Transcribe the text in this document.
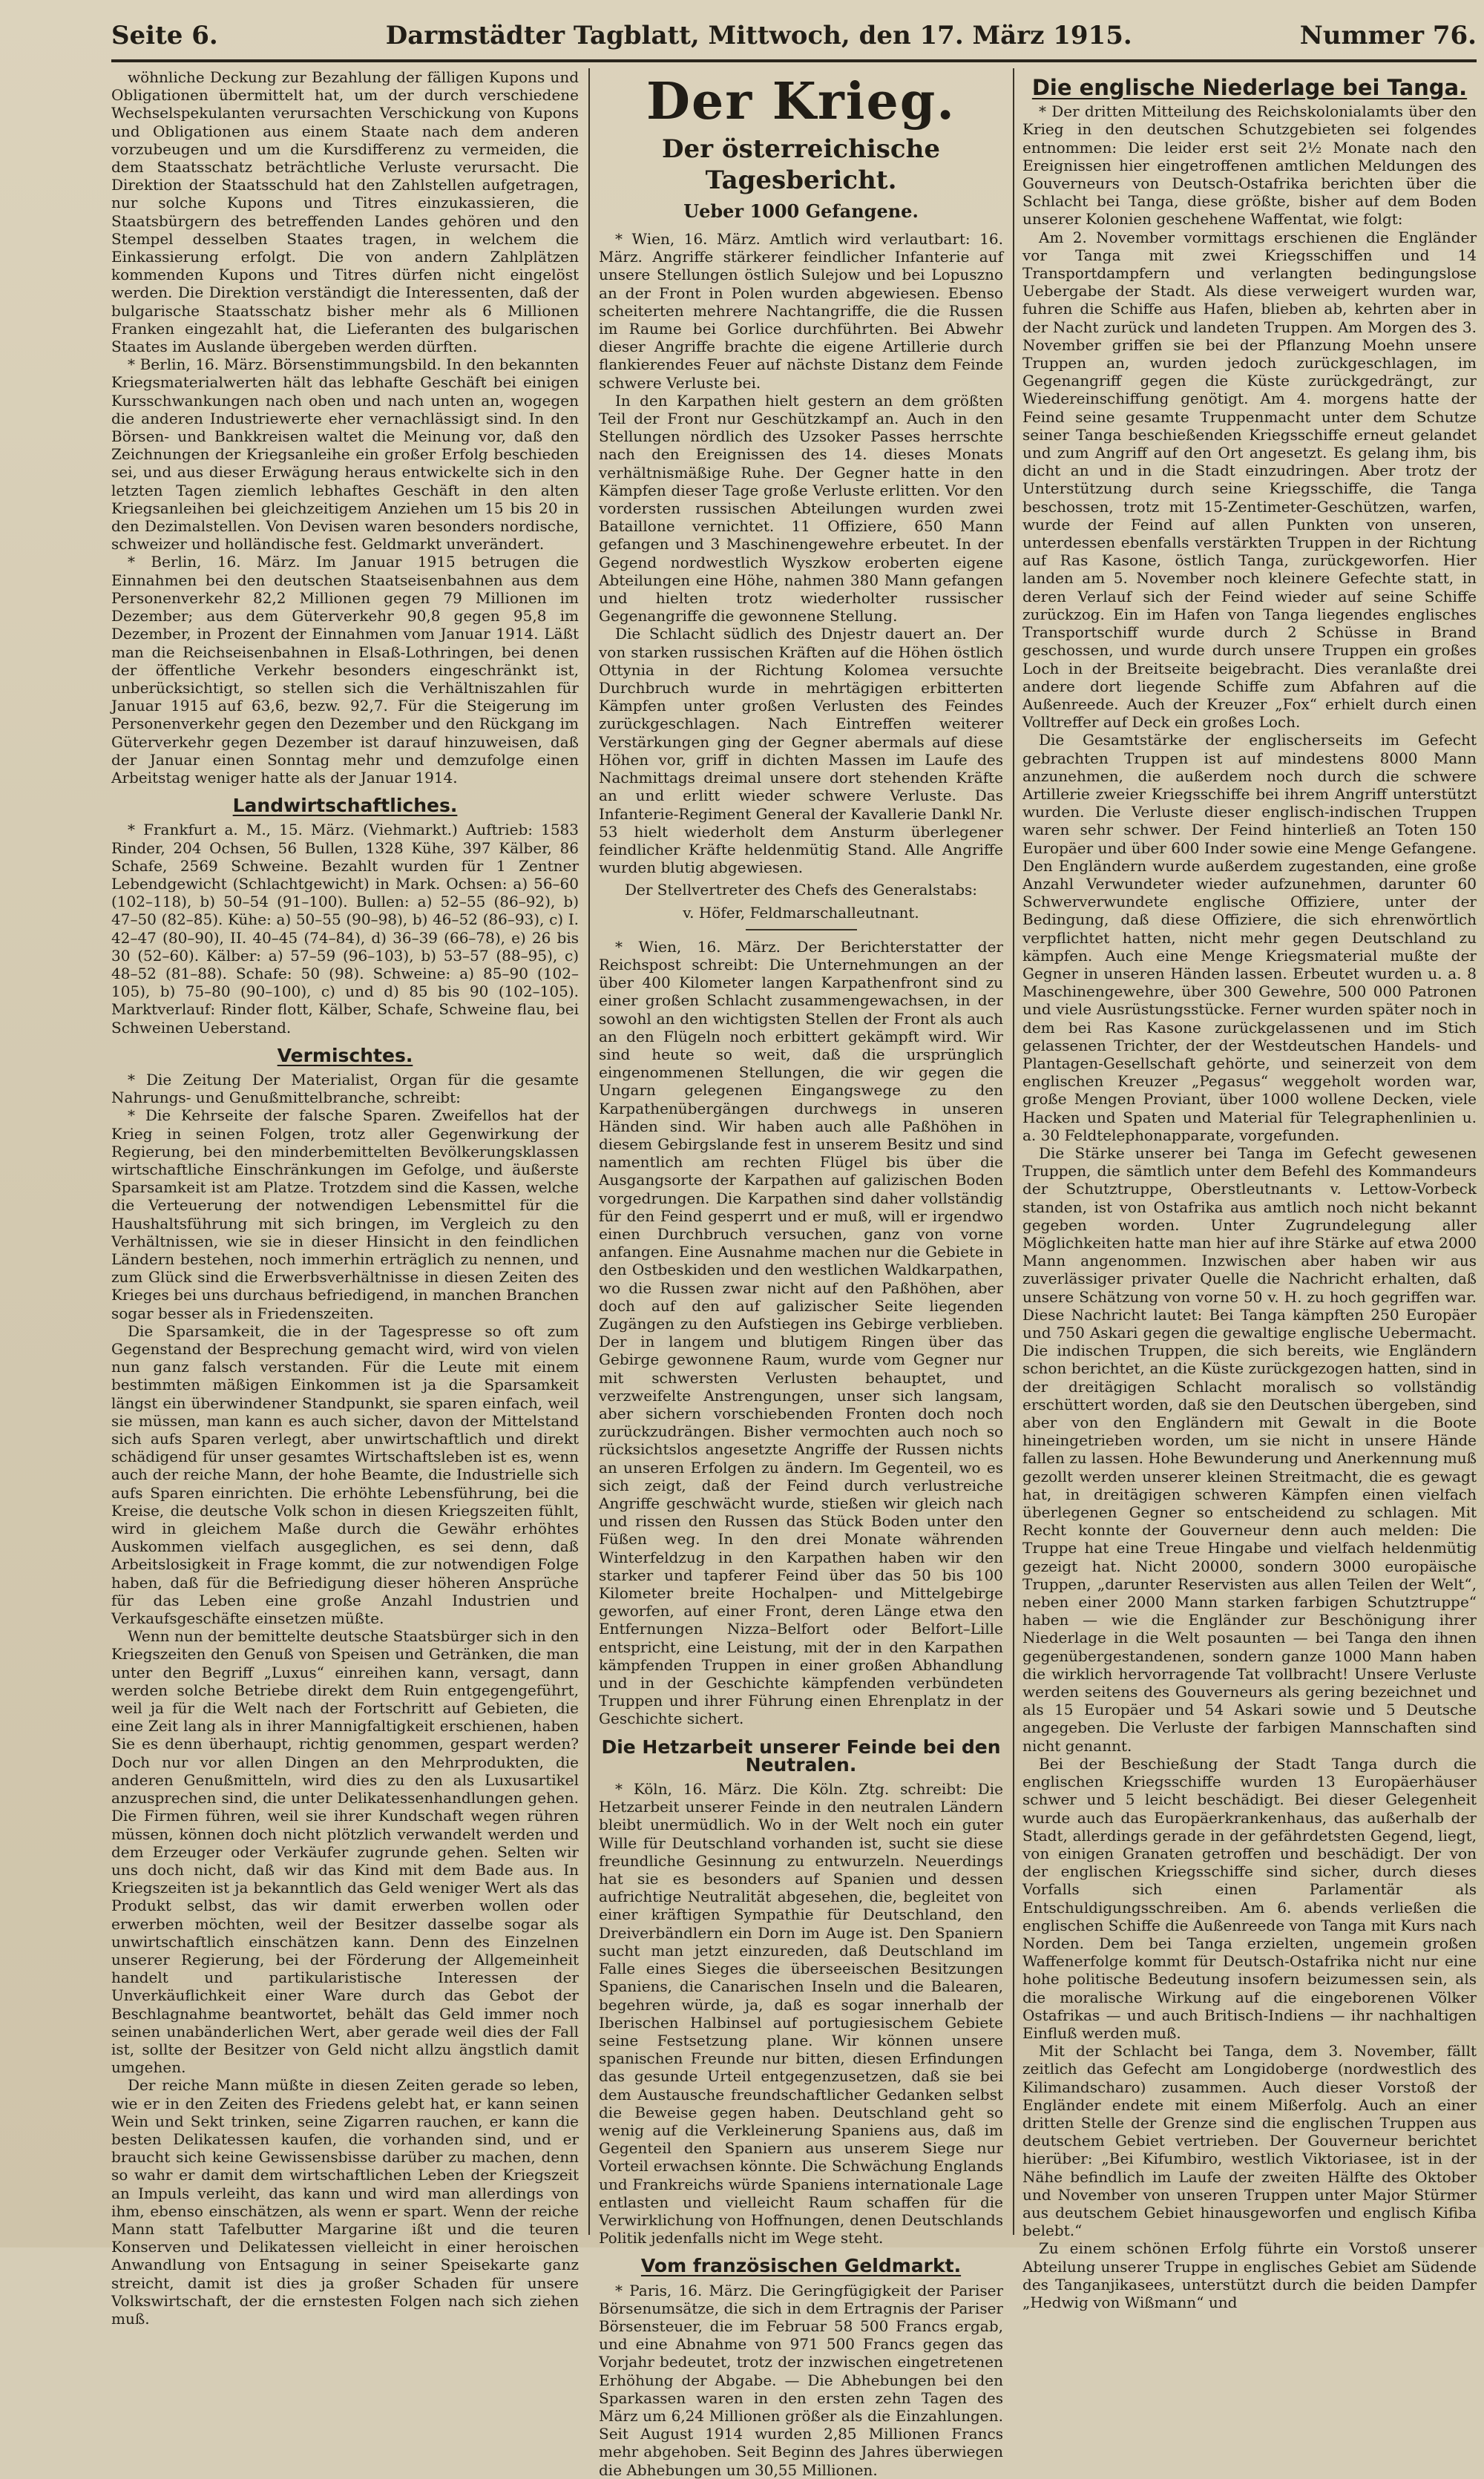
Seite 6.	Darmstädter Tagblatt, Mittwoch, den 17. März 1915.	Nummer 76.

wöhnliche Deckung zur Bezahlung der fälligen Kupons und Obligationen übermittelt hat, um der durch verschiedene Wechselspekulanten verursachten Verschickung von Kupons und Obligationen aus einem Staate nach dem anderen vorzubeugen und um die Kursdifferenz zu vermeiden, die dem Staatsschatz beträchtliche Verluste verursacht. Die Direktion der Staatsschuld hat den Zahlstellen aufgetragen, nur solche Kupons und Titres einzukassieren, die Staatsbürgern des betreffenden Landes gehören und den Stempel desselben Staates tragen, in welchem die Einkassierung erfolgt. Die von andern Zahlplätzen kommenden Kupons und Titres dürfen nicht eingelöst werden. Die Direktion verständigt die Interessenten, daß der bulgarische Staatsschatz bisher mehr als 6 Millionen Franken eingezahlt hat, die Lieferanten des bulgarischen Staates im Auslande übergeben werden dürften.

* Berlin, 16. März. Börsenstimmungsbild. In den bekannten Kriegsmaterialwerten hält das lebhafte Geschäft bei einigen Kursschwankungen nach oben und nach unten an, wogegen die anderen Industriewerte eher vernachlässigt sind. In den Börsen- und Bankkreisen waltet die Meinung vor, daß den Zeichnungen der Kriegsanleihe ein großer Erfolg beschieden sei, und aus dieser Erwägung heraus entwickelte sich in den letzten Tagen ziemlich lebhaftes Geschäft in den alten Kriegsanleihen bei gleichzeitigem Anziehen um 15 bis 20 in den Dezimalstellen. Von Devisen waren besonders nordische, schweizer und holländische fest. Geldmarkt unverändert.

* Berlin, 16. März. Im Januar 1915 betrugen die Einnahmen bei den deutschen Staatseisenbahnen aus dem Personenverkehr 82,2 Millionen gegen 79 Millionen im Dezember; aus dem Güterverkehr 90,8 gegen 95,8 im Dezember, in Prozent der Einnahmen vom Januar 1914. Läßt man die Reichseisenbahnen in Elsaß-Lothringen, bei denen der öffentliche Verkehr besonders eingeschränkt ist, unberücksichtigt, so stellen sich die Verhältniszahlen für Januar 1915 auf 63,6, bezw. 92,7. Für die Steigerung im Personenverkehr gegen den Dezember und den Rückgang im Güterverkehr gegen Dezember ist darauf hinzuweisen, daß der Januar einen Sonntag mehr und demzufolge einen Arbeitstag weniger hatte als der Januar 1914.

Landwirtschaftliches.

* Frankfurt a. M., 15. März. (Viehmarkt.) Auftrieb: 1583 Rinder, 204 Ochsen, 56 Bullen, 1328 Kühe, 397 Kälber, 86 Schafe, 2569 Schweine. Bezahlt wurden für 1 Zentner Lebendgewicht (Schlachtgewicht) in Mark. Ochsen: a) 56–60 (102–118), b) 50–54 (91–100). Bullen: a) 52–55 (86–92), b) 47–50 (82–85). Kühe: a) 50–55 (90–98), b) 46–52 (86–93), c) I. 42–47 (80–90), II. 40–45 (74–84), d) 36–39 (66–78), e) 26 bis 30 (52–60). Kälber: a) 57–59 (96–103), b) 53–57 (88–95), c) 48–52 (81–88). Schafe: 50 (98). Schweine: a) 85–90 (102–105), b) 75–80 (90–100), c) und d) 85 bis 90 (102–105). Marktverlauf: Rinder flott, Kälber, Schafe, Schweine flau, bei Schweinen Ueberstand.

Vermischtes.

* Die Zeitung Der Materialist, Organ für die gesamte Nahrungs- und Genußmittelbranche, schreibt:

* Die Kehrseite der falsche Sparen. Zweifellos hat der Krieg in seinen Folgen, trotz aller Gegenwirkung der Regierung, bei den minderbemittelten Bevölkerungsklassen wirtschaftliche Einschränkungen im Gefolge, und äußerste Sparsamkeit ist am Platze. Trotzdem sind die Kassen, welche die Verteuerung der notwendigen Lebensmittel für die Haushaltsführung mit sich bringen, im Vergleich zu den Verhältnissen, wie sie in dieser Hinsicht in den feindlichen Ländern bestehen, noch immerhin erträglich zu nennen, und zum Glück sind die Erwerbsverhältnisse in diesen Zeiten des Krieges bei uns durchaus befriedigend, in manchen Branchen sogar besser als in Friedenszeiten.

Die Sparsamkeit, die in der Tagespresse so oft zum Gegenstand der Besprechung gemacht wird, wird von vielen nun ganz falsch verstanden. Für die Leute mit einem bestimmten mäßigen Einkommen ist ja die Sparsamkeit längst ein überwindener Standpunkt, sie sparen einfach, weil sie müssen, man kann es auch sicher, davon der Mittelstand sich aufs Sparen verlegt, aber unwirtschaftlich und direkt schädigend für unser gesamtes Wirtschaftsleben ist es, wenn auch der reiche Mann, der hohe Beamte, die Industrielle sich aufs Sparen einrichten. Die erhöhte Lebensführung, bei die Kreise, die deutsche Volk schon in diesen Kriegszeiten fühlt, wird in gleichem Maße durch die Gewähr erhöhtes Auskommen vielfach ausgeglichen, es sei denn, daß Arbeitslosigkeit in Frage kommt, die zur notwendigen Folge haben, daß für die Befriedigung dieser höheren Ansprüche für das Leben eine große Anzahl Industrien und Verkaufsgeschäfte einsetzen müßte.

Wenn nun der bemittelte deutsche Staatsbürger sich in den Kriegszeiten den Genuß von Speisen und Getränken, die man unter den Begriff „Luxus“ einreihen kann, versagt, dann werden solche Betriebe direkt dem Ruin entgegengeführt, weil ja für die Welt nach der Fortschritt auf Gebieten, die eine Zeit lang als in ihrer Mannigfaltigkeit erschienen, haben Sie es denn überhaupt, richtig genommen, gespart werden? Doch nur vor allen Dingen an den Mehrprodukten, die anderen Genußmitteln, wird dies zu den als Luxusartikel anzusprechen sind, die unter Delikatessenhandlungen gehen. Die Firmen führen, weil sie ihrer Kundschaft wegen rühren müssen, können doch nicht plötzlich verwandelt werden und dem Erzeuger oder Verkäufer zugrunde gehen. Selten wir uns doch nicht, daß wir das Kind mit dem Bade aus. In Kriegszeiten ist ja bekanntlich das Geld weniger Wert als das Produkt selbst, das wir damit erwerben wollen oder erwerben möchten, weil der Besitzer dasselbe sogar als unwirtschaftlich einschätzen kann. Denn des Einzelnen unserer Regierung, bei der Förderung der Allgemeinheit handelt und partikularistische Interessen der Unverkäuflichkeit einer Ware durch das Gebot der Beschlagnahme beantwortet, behält das Geld immer noch seinen unabänderlichen Wert, aber gerade weil dies der Fall ist, sollte der Besitzer von Geld nicht allzu ängstlich damit umgehen.

Der reiche Mann müßte in diesen Zeiten gerade so leben, wie er in den Zeiten des Friedens gelebt hat, er kann seinen Wein und Sekt trinken, seine Zigarren rauchen, er kann die besten Delikatessen kaufen, die vorhanden sind, und er braucht sich keine Gewissensbisse darüber zu machen, denn so wahr er damit dem wirtschaftlichen Leben der Kriegszeit an Impuls verleiht, das kann und wird man allerdings von ihm, ebenso einschätzen, als wenn er spart. Wenn der reiche Mann statt Tafelbutter Margarine ißt und die teuren Konserven und Delikatessen vielleicht in einer heroischen Anwandlung von Entsagung in seiner Speisekarte ganz streicht, damit ist dies ja großer Schaden für unsere Volkswirtschaft, der die ernstesten Folgen nach sich ziehen muß.

Der Krieg.
Der österreichische Tagesbericht.
Ueber 1000 Gefangene.

* Wien, 16. März. Amtlich wird verlautbart: 16. März. Angriffe stärkerer feindlicher Infanterie auf unsere Stellungen östlich Sulejow und bei Lopuszno an der Front in Polen wurden abgewiesen. Ebenso scheiterten mehrere Nachtangriffe, die die Russen im Raume bei Gorlice durchführten. Bei Abwehr dieser Angriffe brachte die eigene Artillerie durch flankierendes Feuer auf nächste Distanz dem Feinde schwere Verluste bei.

In den Karpathen hielt gestern an dem größten Teil der Front nur Geschützkampf an. Auch in den Stellungen nördlich des Uzsoker Passes herrschte nach den Ereignissen des 14. dieses Monats verhältnismäßige Ruhe. Der Gegner hatte in den Kämpfen dieser Tage große Verluste erlitten. Vor den vordersten russischen Abteilungen wurden zwei Bataillone vernichtet. 11 Offiziere, 650 Mann gefangen und 3 Maschinengewehre erbeutet. In der Gegend nordwestlich Wyszkow eroberten eigene Abteilungen eine Höhe, nahmen 380 Mann gefangen und hielten trotz wiederholter russischer Gegenangriffe die gewonnene Stellung.

Die Schlacht südlich des Dnjestr dauert an. Der von starken russischen Kräften auf die Höhen östlich Ottynia in der Richtung Kolomea versuchte Durchbruch wurde in mehrtägigen erbitterten Kämpfen unter großen Verlusten des Feindes zurückgeschlagen. Nach Eintreffen weiterer Verstärkungen ging der Gegner abermals auf diese Höhen vor, griff in dichten Massen im Laufe des Nachmittags dreimal unsere dort stehenden Kräfte an und erlitt wieder schwere Verluste. Das Infanterie-Regiment General der Kavallerie Dankl Nr. 53 hielt wiederholt dem Ansturm überlegener feindlicher Kräfte heldenmütig Stand. Alle Angriffe wurden blutig abgewiesen.

Der Stellvertreter des Chefs des Generalstabs:

v. Höfer, Feldmarschalleutnant.

* Wien, 16. März. Der Berichterstatter der Reichspost schreibt: Die Unternehmungen an der über 400 Kilometer langen Karpathenfront sind zu einer großen Schlacht zusammengewachsen, in der sowohl an den wichtigsten Stellen der Front als auch an den Flügeln noch erbittert gekämpft wird. Wir sind heute so weit, daß die ursprünglich eingenommenen Stellungen, die wir gegen die Ungarn gelegenen Eingangswege zu den Karpathenübergängen durchwegs in unseren Händen sind. Wir haben auch alle Paßhöhen in diesem Gebirgslande fest in unserem Besitz und sind namentlich am rechten Flügel bis über die Ausgangsorte der Karpathen auf galizischen Boden vorgedrungen. Die Karpathen sind daher vollständig für den Feind gesperrt und er muß, will er irgendwo einen Durchbruch versuchen, ganz von vorne anfangen. Eine Ausnahme machen nur die Gebiete in den Ostbeskiden und den westlichen Waldkarpathen, wo die Russen zwar nicht auf den Paßhöhen, aber doch auf den auf galizischer Seite liegenden Zugängen zu den Aufstiegen ins Gebirge verblieben. Der in langem und blutigem Ringen über das Gebirge gewonnene Raum, wurde vom Gegner nur mit schwersten Verlusten behauptet, und verzweifelte Anstrengungen, unser sich langsam, aber sichern vorschiebenden Fronten doch noch zurückzudrängen. Bisher vermochten auch noch so rücksichtslos angesetzte Angriffe der Russen nichts an unseren Erfolgen zu ändern. Im Gegenteil, wo es sich zeigt, daß der Feind durch verlustreiche Angriffe geschwächt wurde, stießen wir gleich nach und rissen den Russen das Stück Boden unter den Füßen weg. In den drei Monate währenden Winterfeldzug in den Karpathen haben wir den starker und tapferer Feind über das 50 bis 100 Kilometer breite Hochalpen- und Mittelgebirge geworfen, auf einer Front, deren Länge etwa den Entfernungen Nizza–Belfort oder Belfort–Lille entspricht, eine Leistung, mit der in den Karpathen kämpfenden Truppen in einer großen Abhandlung und in der Geschichte kämpfenden verbündeten Truppen und ihrer Führung einen Ehrenplatz in der Geschichte sichert.

Die Hetzarbeit unserer Feinde bei den Neutralen.

* Köln, 16. März. Die Köln. Ztg. schreibt: Die Hetzarbeit unserer Feinde in den neutralen Ländern bleibt unermüdlich. Wo in der Welt noch ein guter Wille für Deutschland vorhanden ist, sucht sie diese freundliche Gesinnung zu entwurzeln. Neuerdings hat sie es besonders auf Spanien und dessen aufrichtige Neutralität abgesehen, die, begleitet von einer kräftigen Sympathie für Deutschland, den Dreiverbändlern ein Dorn im Auge ist. Den Spaniern sucht man jetzt einzureden, daß Deutschland im Falle eines Sieges die überseeischen Besitzungen Spaniens, die Canarischen Inseln und die Balearen, begehren würde, ja, daß es sogar innerhalb der Iberischen Halbinsel auf portugiesischem Gebiete seine Festsetzung plane. Wir können unsere spanischen Freunde nur bitten, diesen Erfindungen das gesunde Urteil entgegenzusetzen, daß sie bei dem Austausche freundschaftlicher Gedanken selbst die Beweise gegen haben. Deutschland geht so wenig auf die Verkleinerung Spaniens aus, daß im Gegenteil den Spaniern aus unserem Siege nur Vorteil erwachsen könnte. Die Schwächung Englands und Frankreichs würde Spaniens internationale Lage entlasten und vielleicht Raum schaffen für die Verwirklichung von Hoffnungen, denen Deutschlands Politik jedenfalls nicht im Wege steht.

Vom französischen Geldmarkt.

* Paris, 16. März. Die Geringfügigkeit der Pariser Börsenumsätze, die sich in dem Ertragnis der Pariser Börsensteuer, die im Februar 58 500 Francs ergab, und eine Abnahme von 971 500 Francs gegen das Vorjahr bedeutet, trotz der inzwischen eingetretenen Erhöhung der Abgabe. — Die Abhebungen bei den Sparkassen waren in den ersten zehn Tagen des März um 6,24 Millionen größer als die Einzahlungen. Seit August 1914 wurden 2,85 Millionen Francs mehr abgehoben. Seit Beginn des Jahres überwiegen die Abhebungen um 30,55 Millionen.

Die englische Niederlage bei Tanga.

* Der dritten Mitteilung des Reichskolonialamts über den Krieg in den deutschen Schutzgebieten sei folgendes entnommen: Die leider erst seit 2½ Monate nach den Ereignissen hier eingetroffenen amtlichen Meldungen des Gouverneurs von Deutsch-Ostafrika berichten über die Schlacht bei Tanga, diese größte, bisher auf dem Boden unserer Kolonien geschehene Waffentat, wie folgt:

Am 2. November vormittags erschienen die Engländer vor Tanga mit zwei Kriegsschiffen und 14 Transportdampfern und verlangten bedingungslose Uebergabe der Stadt. Als diese verweigert wurden war, fuhren die Schiffe aus Hafen, blieben ab, kehrten aber in der Nacht zurück und landeten Truppen. Am Morgen des 3. November griffen sie bei der Pflanzung Moehn unsere Truppen an, wurden jedoch zurückgeschlagen, im Gegenangriff gegen die Küste zurückgedrängt, zur Wiedereinschiffung genötigt. Am 4. morgens hatte der Feind seine gesamte Truppenmacht unter dem Schutze seiner Tanga beschießenden Kriegsschiffe erneut gelandet und zum Angriff auf den Ort angesetzt. Es gelang ihm, bis dicht an und in die Stadt einzudringen. Aber trotz der Unterstützung durch seine Kriegsschiffe, die Tanga beschossen, trotz mit 15-Zentimeter-Geschützen, warfen, wurde der Feind auf allen Punkten von unseren, unterdessen ebenfalls verstärkten Truppen in der Richtung auf Ras Kasone, östlich Tanga, zurückgeworfen. Hier landen am 5. November noch kleinere Gefechte statt, in deren Verlauf sich der Feind wieder auf seine Schiffe zurückzog. Ein im Hafen von Tanga liegendes englisches Transportschiff wurde durch 2 Schüsse in Brand geschossen, und wurde durch unsere Truppen ein großes Loch in der Breitseite beigebracht. Dies veranlaßte drei andere dort liegende Schiffe zum Abfahren auf die Außenreede. Auch der Kreuzer „Fox“ erhielt durch einen Volltreffer auf Deck ein großes Loch.

Die Gesamtstärke der englischerseits im Gefecht gebrachten Truppen ist auf mindestens 8000 Mann anzunehmen, die außerdem noch durch die schwere Artillerie zweier Kriegsschiffe bei ihrem Angriff unterstützt wurden. Die Verluste dieser englisch-indischen Truppen waren sehr schwer. Der Feind hinterließ an Toten 150 Europäer und über 600 Inder sowie eine Menge Gefangene. Den Engländern wurde außerdem zugestanden, eine große Anzahl Verwundeter wieder aufzunehmen, darunter 60 Schwerverwundete englische Offiziere, unter der Bedingung, daß diese Offiziere, die sich ehrenwörtlich verpflichtet hatten, nicht mehr gegen Deutschland zu kämpfen. Auch eine Menge Kriegsmaterial mußte der Gegner in unseren Händen lassen. Erbeutet wurden u. a. 8 Maschinengewehre, über 300 Gewehre, 500 000 Patronen und viele Ausrüstungsstücke. Ferner wurden später noch in dem bei Ras Kasone zurückgelassenen und im Stich gelassenen Trichter, der der Westdeutschen Handels- und Plantagen-Gesellschaft gehörte, und seinerzeit von dem englischen Kreuzer „Pegasus“ weggeholt worden war, große Mengen Proviant, über 1000 wollene Decken, viele Hacken und Spaten und Material für Telegraphenlinien u. a. 30 Feldtelephonapparate, vorgefunden.

Die Stärke unserer bei Tanga im Gefecht gewesenen Truppen, die sämtlich unter dem Befehl des Kommandeurs der Schutztruppe, Oberstleutnants v. Lettow-Vorbeck standen, ist von Ostafrika aus amtlich noch nicht bekannt gegeben worden. Unter Zugrundelegung aller Möglichkeiten hatte man hier auf ihre Stärke auf etwa 2000 Mann angenommen. Inzwischen aber haben wir aus zuverlässiger privater Quelle die Nachricht erhalten, daß unsere Schätzung von vorne 50 v. H. zu hoch gegriffen war. Diese Nachricht lautet: Bei Tanga kämpften 250 Europäer und 750 Askari gegen die gewaltige englische Uebermacht. Die indischen Truppen, die sich bereits, wie Engländern schon berichtet, an die Küste zurückgezogen hatten, sind in der dreitägigen Schlacht moralisch so vollständig erschüttert worden, daß sie den Deutschen übergeben, sind aber von den Engländern mit Gewalt in die Boote hineingetrieben worden, um sie nicht in unsere Hände fallen zu lassen. Hohe Bewunderung und Anerkennung muß gezollt werden unserer kleinen Streitmacht, die es gewagt hat, in dreitägigen schweren Kämpfen einen vielfach überlegenen Gegner so entscheidend zu schlagen. Mit Recht konnte der Gouverneur denn auch melden: Die Truppe hat eine Treue Hingabe und vielfach heldenmütig gezeigt hat. Nicht 20000, sondern 3000 europäische Truppen, „darunter Reservisten aus allen Teilen der Welt“, neben einer 2000 Mann starken farbigen Schutztruppe“ haben — wie die Engländer zur Beschönigung ihrer Niederlage in die Welt posaunten — bei Tanga den ihnen gegenübergestandenen, sondern ganze 1000 Mann haben die wirklich hervorragende Tat vollbracht! Unsere Verluste werden seitens des Gouverneurs als gering bezeichnet und als 15 Europäer und 54 Askari sowie und 5 Deutsche angegeben. Die Verluste der farbigen Mannschaften sind nicht genannt.

Bei der Beschießung der Stadt Tanga durch die englischen Kriegsschiffe wurden 13 Europäerhäuser schwer und 5 leicht beschädigt. Bei dieser Gelegenheit wurde auch das Europäerkrankenhaus, das außerhalb der Stadt, allerdings gerade in der gefährdetsten Gegend, liegt, von einigen Granaten getroffen und beschädigt. Der von der englischen Kriegsschiffe sind sicher, durch dieses Vorfalls sich einen Parlamentär als Entschuldigungsschreiben. Am 6. abends verließen die englischen Schiffe die Außenreede von Tanga mit Kurs nach Norden. Dem bei Tanga erzielten, ungemein großen Waffenerfolge kommt für Deutsch-Ostafrika nicht nur eine hohe politische Bedeutung insofern beizumessen sein, als die moralische Wirkung auf die eingeborenen Völker Ostafrikas — und auch Britisch-Indiens — ihr nachhaltigen Einfluß werden muß.

Mit der Schlacht bei Tanga, dem 3. November, fällt zeitlich das Gefecht am Longidoberge (nordwestlich des Kilimandscharo) zusammen. Auch dieser Vorstoß der Engländer endete mit einem Mißerfolg. Auch an einer dritten Stelle der Grenze sind die englischen Truppen aus deutschem Gebiet vertrieben. Der Gouverneur berichtet hierüber: „Bei Kifumbiro, westlich Viktoriasee, ist in der Nähe befindlich im Laufe der zweiten Hälfte des Oktober und November von unseren Truppen unter Major Stürmer aus deutschem Gebiet hinausgeworfen und englisch Kifiba belebt.“

Zu einem schönen Erfolg führte ein Vorstoß unserer Abteilung unserer Truppe in englisches Gebiet am Südende des Tanganjikasees, unterstützt durch die beiden Dampfer „Hedwig von Wißmann“ und
